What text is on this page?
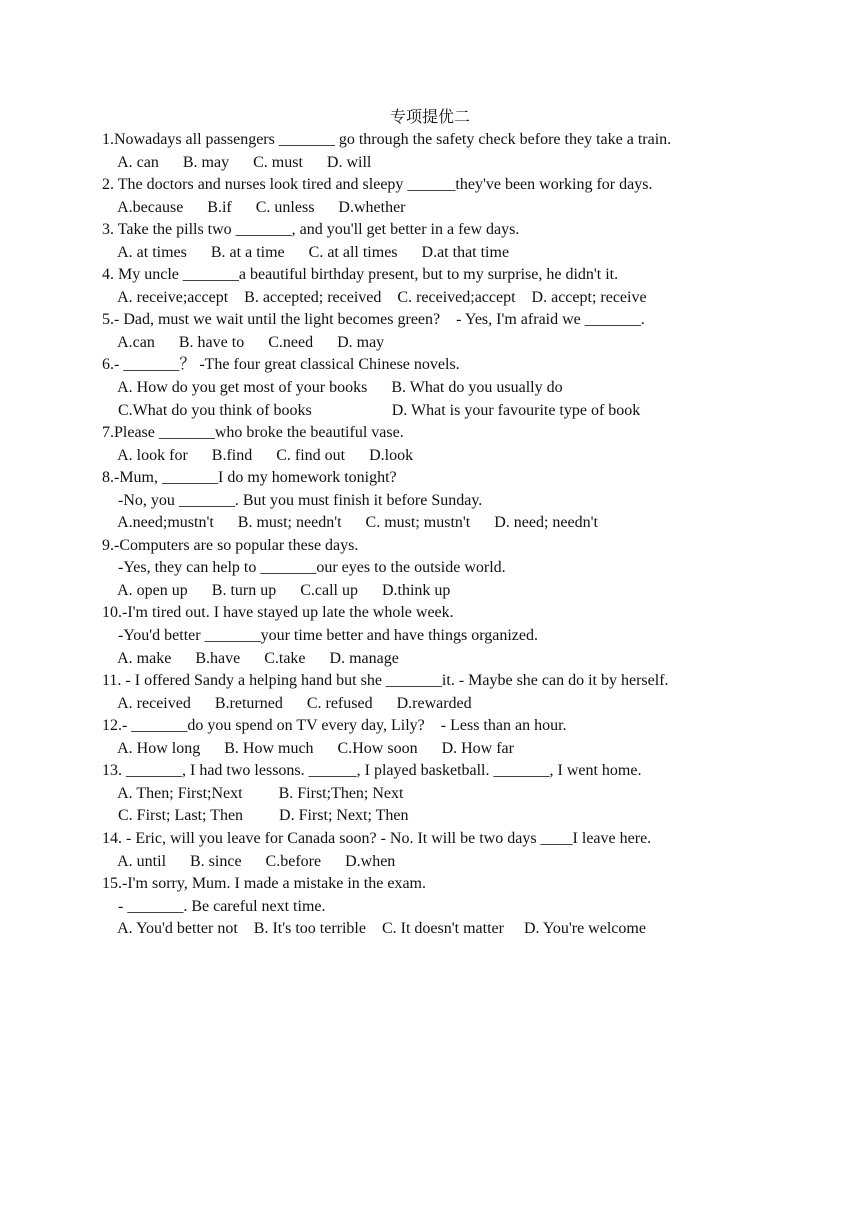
专项提优二
1.Nowadays all passengers _______ go through the safety check before they take a train.
A. can      B. may      C. must      D. will
2. The doctors and nurses look tired and sleepy ______they've been working for days.
A.because      B.if      C. unless      D.whether
3. Take the pills two _______, and you'll get better in a few days.
A. at times      B. at a time      C. at all times      D.at that time
4. My uncle _______a beautiful birthday present, but to my surprise, he didn't it.
A. receive;accept    B. accepted; received    C. received;accept    D. accept; receive
5.- Dad, must we wait until the light becomes green?    - Yes, I'm afraid we _______.
A.can      B. have to      C.need      D. may
6.- _______？ -The four great classical Chinese novels.
A. How do you get most of your books      B. What do you usually do
C.What do you think of books                    D. What is your favourite type of book
7.Please _______who broke the beautiful vase.
A. look for      B.find      C. find out      D.look
8.-Mum, _______I do my homework tonight?
-No, you _______. But you must finish it before Sunday.
A.need;mustn't      B. must; needn't      C. must; mustn't      D. need; needn't
9.-Computers are so popular these days.
-Yes, they can help to _______our eyes to the outside world.
A. open up      B. turn up      C.call up      D.think up
10.-I'm tired out. I have stayed up late the whole week.
-You'd better _______your time better and have things organized.
A. make      B.have      C.take      D. manage
11. - I offered Sandy a helping hand but she _______it. - Maybe she can do it by herself.
A. received      B.returned      C. refused      D.rewarded
12.- _______do you spend on TV every day, Lily?    - Less than an hour.
A. How long      B. How much      C.How soon      D. How far
13. _______, I had two lessons. ______, I played basketball. _______, I went home.
A. Then; First;Next         B. First;Then; Next
C. First; Last; Then         D. First; Next; Then
14. - Eric, will you leave for Canada soon? - No. It will be two days ____I leave here.
A. until      B. since      C.before      D.when
15.-I'm sorry, Mum. I made a mistake in the exam.
- _______. Be careful next time.
A. You'd better not    B. It's too terrible    C. It doesn't matter     D. You're welcome
